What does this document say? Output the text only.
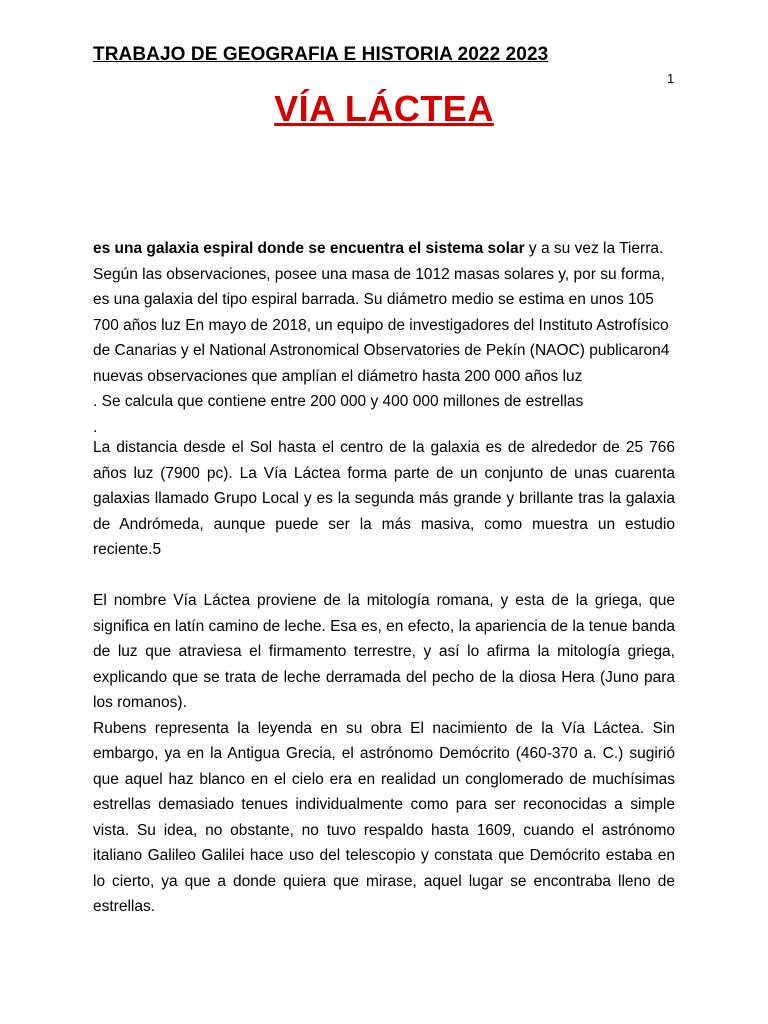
TRABAJO DE GEOGRAFIA E HISTORIA 2022 2023
1
VÍA LÁCTEA
es una galaxia espiral donde se encuentra el sistema solar y a su vez la Tierra.
Según las observaciones, posee una masa de 1012 masas solares y, por su forma,
es una galaxia del tipo espiral barrada. Su diámetro medio se estima en unos 105
700 años luz En mayo de 2018, un equipo de investigadores del Instituto Astrofísico
de Canarias y el National Astronomical Observatories de Pekín (NAOC) publicaron4
nuevas observaciones que amplían el diámetro hasta 200 000 años luz
. Se calcula que contiene entre 200 000 y 400 000 millones de estrellas
.
La distancia desde el Sol hasta el centro de la galaxia es de alrededor de 25 766
años luz (7900 pc). La Vía Láctea forma parte de un conjunto de unas cuarenta
galaxias llamado Grupo Local y es la segunda más grande y brillante tras la galaxia
de Andrómeda, aunque puede ser la más masiva, como muestra un estudio
reciente.5
El nombre Vía Láctea proviene de la mitología romana, y esta de la griega, que
significa en latín camino de leche. Esa es, en efecto, la apariencia de la tenue banda
de luz que atraviesa el firmamento terrestre, y así lo afirma la mitología griega,
explicando que se trata de leche derramada del pecho de la diosa Hera (Juno para
los romanos).
Rubens representa la leyenda en su obra El nacimiento de la Vía Láctea. Sin
embargo, ya en la Antigua Grecia, el astrónomo Demócrito (460-370 a. C.) sugirió
que aquel haz blanco en el cielo era en realidad un conglomerado de muchísimas
estrellas demasiado tenues individualmente como para ser reconocidas a simple
vista. Su idea, no obstante, no tuvo respaldo hasta 1609, cuando el astrónomo
italiano Galileo Galilei hace uso del telescopio y constata que Demócrito estaba en
lo cierto, ya que a donde quiera que mirase, aquel lugar se encontraba lleno de
estrellas.
